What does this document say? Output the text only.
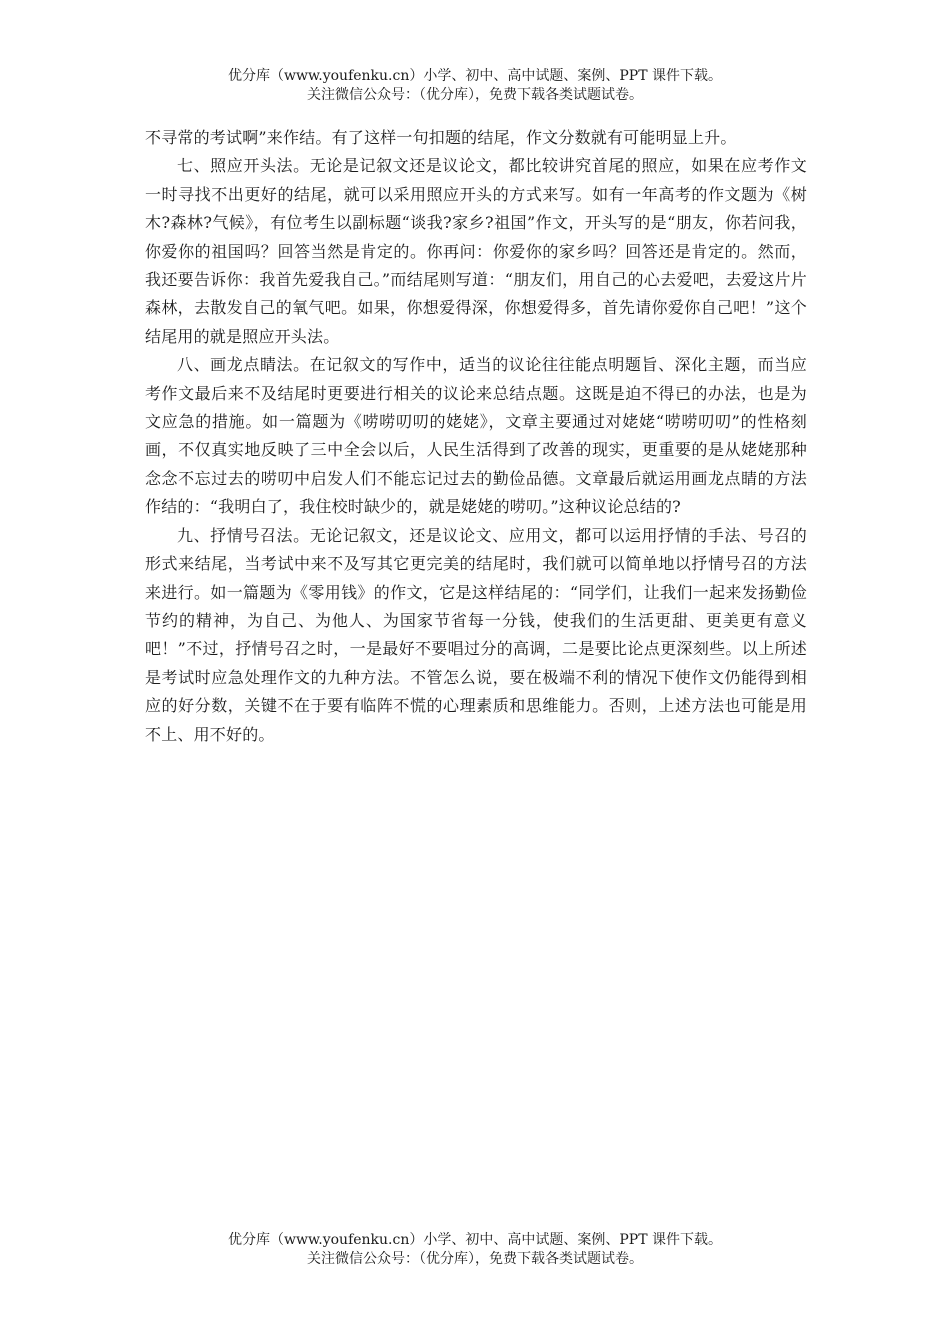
优分库（www.youfenku.cn）小学、初中、高中试题、案例、PPT 课件下载。
关注微信公众号：（优分库），免费下载各类试题试卷。

不寻常的考试啊”来作结。有了这样一句扣题的结尾，作文分数就有可能明显上升。

七、照应开头法。无论是记叙文还是议论文，都比较讲究首尾的照应，如果在应考作文一时寻找不出更好的结尾，就可以采用照应开头的方式来写。如有一年高考的作文题为《树木?森林?气候》，有位考生以副标题“谈我?家乡?祖国”作文，开头写的是“朋友，你若问我，你爱你的祖国吗？回答当然是肯定的。你再问：你爱你的家乡吗？回答还是肯定的。然而，我还要告诉你：我首先爱我自己。”而结尾则写道：“朋友们，用自己的心去爱吧，去爱这片片森林，去散发自己的氧气吧。如果，你想爱得深，你想爱得多，首先请你爱你自己吧！”这个结尾用的就是照应开头法。

八、画龙点睛法。在记叙文的写作中，适当的议论往往能点明题旨、深化主题，而当应考作文最后来不及结尾时更要进行相关的议论来总结点题。这既是迫不得已的办法，也是为文应急的措施。如一篇题为《唠唠叨叨的姥姥》，文章主要通过对姥姥“唠唠叨叨”的性格刻画，不仅真实地反映了三中全会以后，人民生活得到了改善的现实，更重要的是从姥姥那种念念不忘过去的唠叨中启发人们不能忘记过去的勤俭品德。文章最后就运用画龙点睛的方法作结的：“我明白了，我住校时缺少的，就是姥姥的唠叨。”这种议论总结的?

九、抒情号召法。无论记叙文，还是议论文、应用文，都可以运用抒情的手法、号召的形式来结尾，当考试中来不及写其它更完美的结尾时，我们就可以简单地以抒情号召的方法来进行。如一篇题为《零用钱》的作文，它是这样结尾的：“同学们，让我们一起来发扬勤俭节约的精神，为自己、为他人、为国家节省每一分钱，使我们的生活更甜、更美更有意义吧！”不过，抒情号召之时，一是最好不要唱过分的高调，二是要比论点更深刻些。以上所述是考试时应急处理作文的九种方法。不管怎么说，要在极端不利的情况下使作文仍能得到相应的好分数，关键不在于要有临阵不慌的心理素质和思维能力。否则，上述方法也可能是用不上、用不好的。

优分库（www.youfenku.cn）小学、初中、高中试题、案例、PPT 课件下载。
关注微信公众号：（优分库），免费下载各类试题试卷。
